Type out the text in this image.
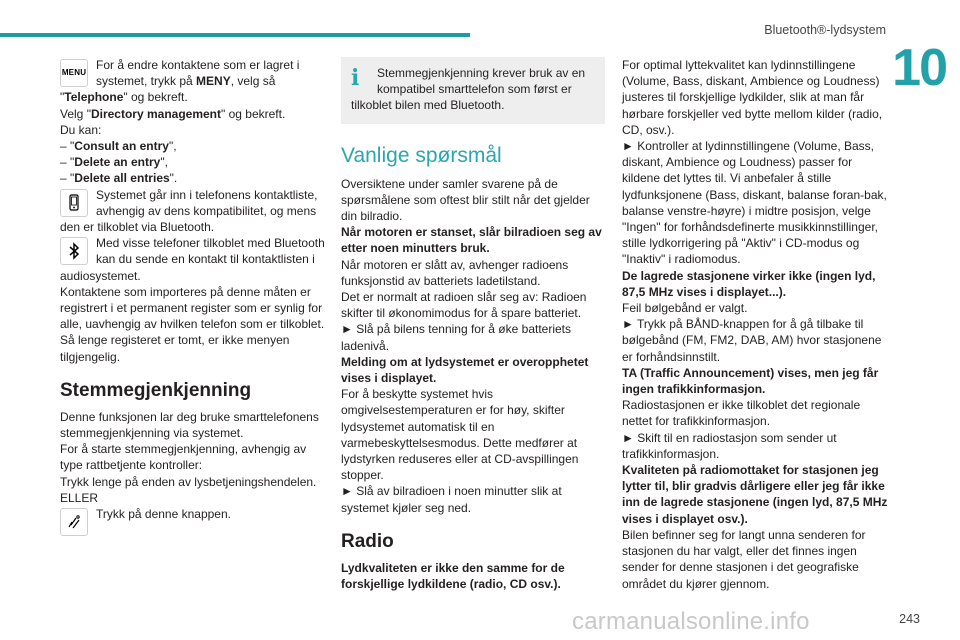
Bluetooth®-lydsystem
10

MENU
For å endre kontaktene som er lagret i systemet, trykk på MENY, velg så

"Telephone" og bekreft.

Velg "Directory management" og bekreft.

Du kan:

– "Consult an entry",

– "Delete an entry",

– "Delete all entries".

Systemet går inn i telefonens kontaktliste, avhengig av dens kompatibilitet, og mens den er tilkoblet via Bluetooth.

Med visse telefoner tilkoblet med Bluetooth kan du sende en kontakt til kontaktlisten i audiosystemet.

Kontaktene som importeres på denne måten er registrert i et permanent register som er synlig for alle, uavhengig av hvilken telefon som er tilkoblet.

Så lenge registeret er tomt, er ikke menyen tilgjengelig.

Stemmegjenkjenning

Denne funksjonen lar deg bruke smarttelefonens stemmegjenkjenning via systemet.

For å starte stemmegjenkjenning, avhengig av type rattbetjente kontroller:

Trykk lenge på enden av lysbetjeningshendelen.

ELLER

Trykk på denne knappen.

i	Stemmegjenkjenning krever bruk av en kompatibel smarttelefon som først er tilkoblet bilen med Bluetooth.

Vanlige spørsmål

Oversiktene under samler svarene på de spørsmålene som oftest blir stilt når det gjelder din bilradio.

Når motoren er stanset, slår bilradioen seg av etter noen minutters bruk.

Når motoren er slått av, avhenger radioens funksjonstid av batteriets ladetilstand.

Det er normalt at radioen slår seg av: Radioen skifter til økonomimodus for å spare batteriet.

► Slå på bilens tenning for å øke batteriets ladenivå.

Melding om at lydsystemet er overopphetet vises i displayet.

For å beskytte systemet hvis omgivelsestemperaturen er for høy, skifter lydsystemet automatisk til en varmebeskyttelsesmodus. Dette medfører at lydstyrken reduseres eller at CD-avspillingen stopper.

► Slå av bilradioen i noen minutter slik at systemet kjøler seg ned.

Radio

Lydkvaliteten er ikke den samme for de forskjellige lydkildene (radio, CD osv.).

For optimal lyttekvalitet kan lydinnstillingene (Volume, Bass, diskant, Ambience og Loudness) justeres til forskjellige lydkilder, slik at man får hørbare forskjeller ved bytte mellom kilder (radio, CD, osv.).

► Kontroller at lydinnstillingene (Volume, Bass, diskant, Ambience og Loudness) passer for kildene det lyttes til. Vi anbefaler å stille lydfunksjonene (Bass, diskant, balanse foran-bak, balanse venstre-høyre) i midtre posisjon, velge "Ingen" for forhåndsdefinerte musikkinnstillinger, stille lydkorrigering på "Aktiv" i CD-modus og "Inaktiv" i radiomodus.

De lagrede stasjonene virker ikke (ingen lyd, 87,5 MHz vises i displayet...).

Feil bølgebånd er valgt.

► Trykk på BÅND-knappen for å gå tilbake til bølgebånd (FM, FM2, DAB, AM) hvor stasjonene er forhåndsinnstilt.

TA (Traffic Announcement) vises, men jeg får ingen trafikkinformasjon.

Radiostasjonen er ikke tilkoblet det regionale nettet for trafikkinformasjon.

► Skift til en radiostasjon som sender ut trafikkinformasjon.

Kvaliteten på radiomottaket for stasjonen jeg lytter til, blir gradvis dårligere eller jeg får ikke inn de lagrede stasjonene (ingen lyd, 87,5 MHz vises i displayet osv.).

Bilen befinner seg for langt unna senderen for stasjonen du har valgt, eller det finnes ingen sender for denne stasjonen i det geografiske området du kjører gjennom.

carmanualsonline.info	243
